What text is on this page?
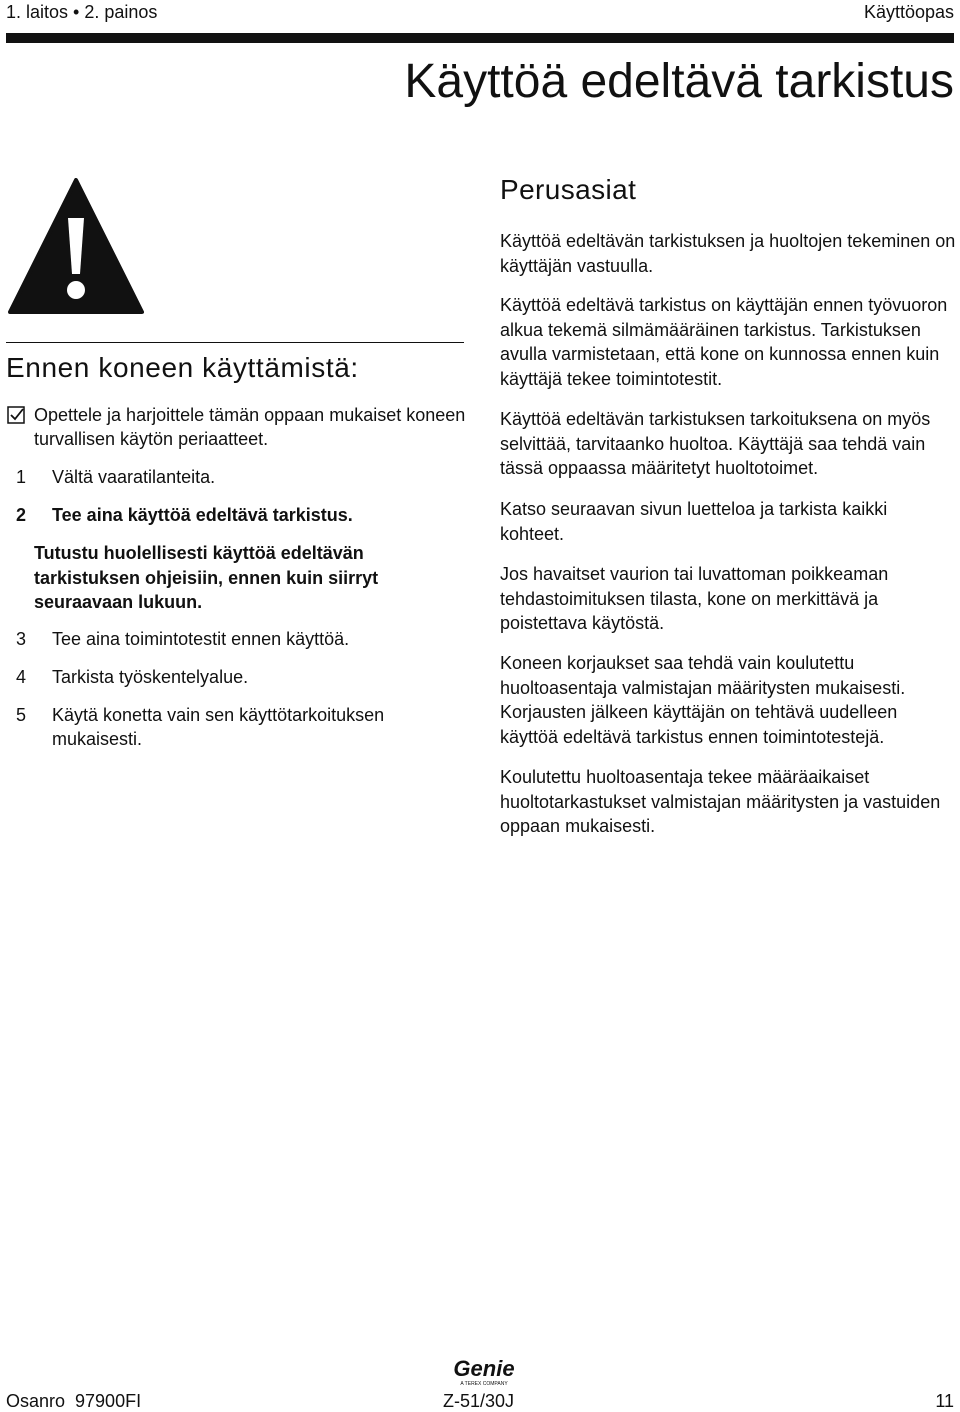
1. laitos • 2. painos	Käyttöopas
Käyttöä edeltävä tarkistus
Ennen koneen käyttämistä:
Opettele ja harjoittele tämän oppaan mukaiset koneen turvallisen käytön periaatteet.

1 Vältä vaaratilanteita.

2 Tee aina käyttöä edeltävä tarkistus.

Tutustu huolellisesti käyttöä edeltävän tarkistuksen ohjeisiin, ennen kuin siirryt seuraavaan lukuun.

3 Tee aina toimintotestit ennen käyttöä.

4 Tarkista työskentelyalue.

5 Käytä konetta vain sen käyttötarkoituksen mukaisesti.

Perusasiat

Käyttöä edeltävän tarkistuksen ja huoltojen tekeminen on käyttäjän vastuulla.

Käyttöä edeltävä tarkistus on käyttäjän ennen työvuoron alkua tekemä silmämääräinen tarkistus. Tarkistuksen avulla varmistetaan, että kone on kunnossa ennen kuin käyttäjä tekee toimintotestit.

Käyttöä edeltävän tarkistuksen tarkoituksena on myös selvittää, tarvitaanko huoltoa. Käyttäjä saa tehdä vain tässä oppaassa määritetyt huoltotoimet.

Katso seuraavan sivun luetteloa ja tarkista kaikki kohteet.

Jos havaitset vaurion tai luvattoman poikkeaman tehdastoimituksen tilasta, kone on merkittävä ja poistettava käytöstä.

Koneen korjaukset saa tehdä vain koulutettu huoltoasentaja valmistajan määritysten mukaisesti. Korjausten jälkeen käyttäjän on tehtävä uudelleen käyttöä edeltävä tarkistus ennen toimintotestejä.

Koulutettu huoltoasentaja tekee määräaikaiset huoltotarkastukset valmistajan määritysten ja vastuiden oppaan mukaisesti.

Genie
A TEREX COMPANY
Osanro  97900FI	Z-51/30J	11
